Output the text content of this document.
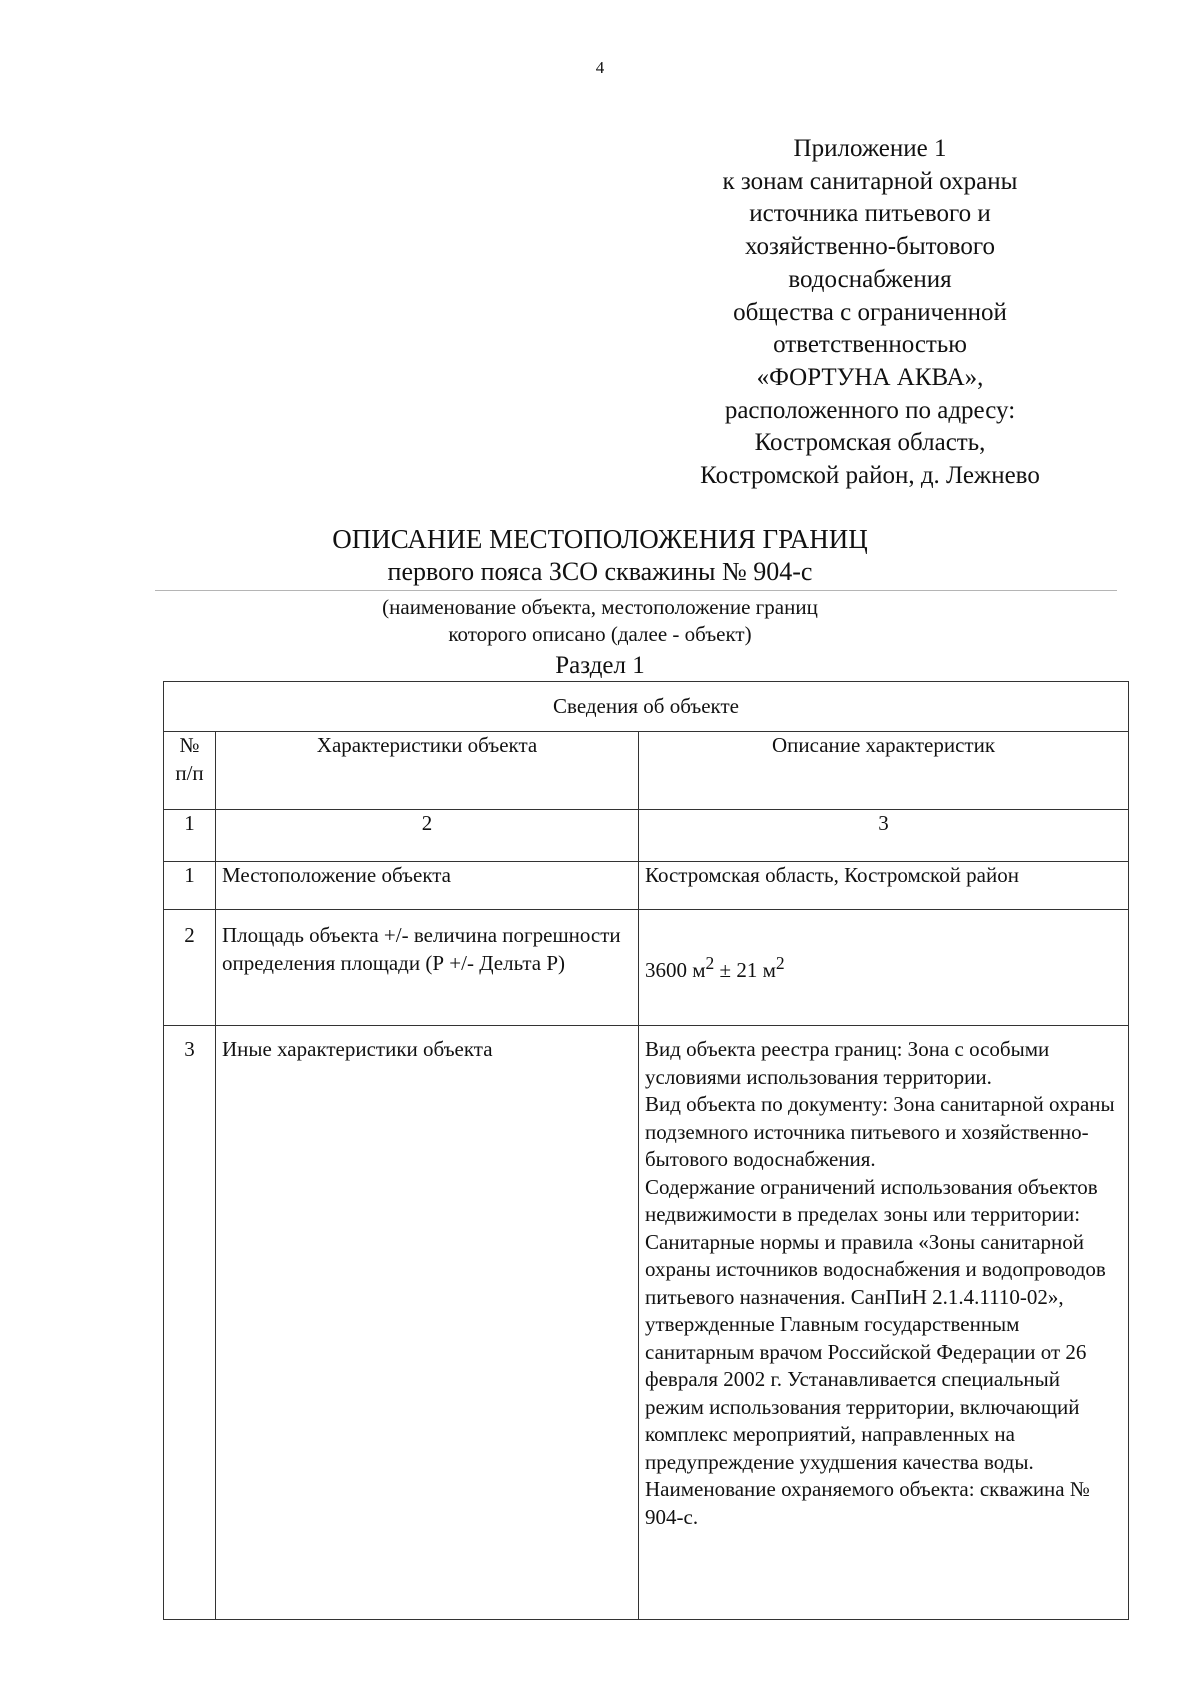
4
Приложение 1
к зонам санитарной охраны
источника питьевого и
хозяйственно-бытового
водоснабжения
общества с ограниченной
ответственностью
«ФОРТУНА АКВА»,
расположенного по адресу:
Костромская область,
Костромской район, д. Лежнево
ОПИСАНИЕ МЕСТОПОЛОЖЕНИЯ ГРАНИЦ
первого пояса ЗСО скважины № 904-с
(наименование объекта, местоположение границ
которого описано (далее - объект)
Раздел 1
Сведения об объекте		
№ п/п	Характеристики объекта	Описание характеристик
1	2	3
1	Местоположение объекта	Костромская область, Костромской район
2	Площадь объекта +/- величина погрешности определения площади (Р +/- Дельта Р)	3600 $м^2 \pm 21$ $м^2$
3	Иные характеристики объекта	Вид объекта реестра границ: Зона с особыми условиями использования территории.
Вид объекта по документу: Зона санитарной охраны подземного источника питьевого и хозяйственно-бытового водоснабжения.
Содержание ограничений использования объектов недвижимости в пределах зоны или территории: Санитарные нормы и правила «Зоны санитарной охраны источников водоснабжения и водопроводов питьевого назначения. СанПиН 2.1.4.1110-02», утвержденные Главным государственным санитарным врачом Российской Федерации от 26 февраля 2002 г. Устанавливается специальный режим использования территории, включающий комплекс мероприятий, направленных на предупреждение ухудшения качества воды.
Наименование охраняемого объекта: скважина № 904-с.
